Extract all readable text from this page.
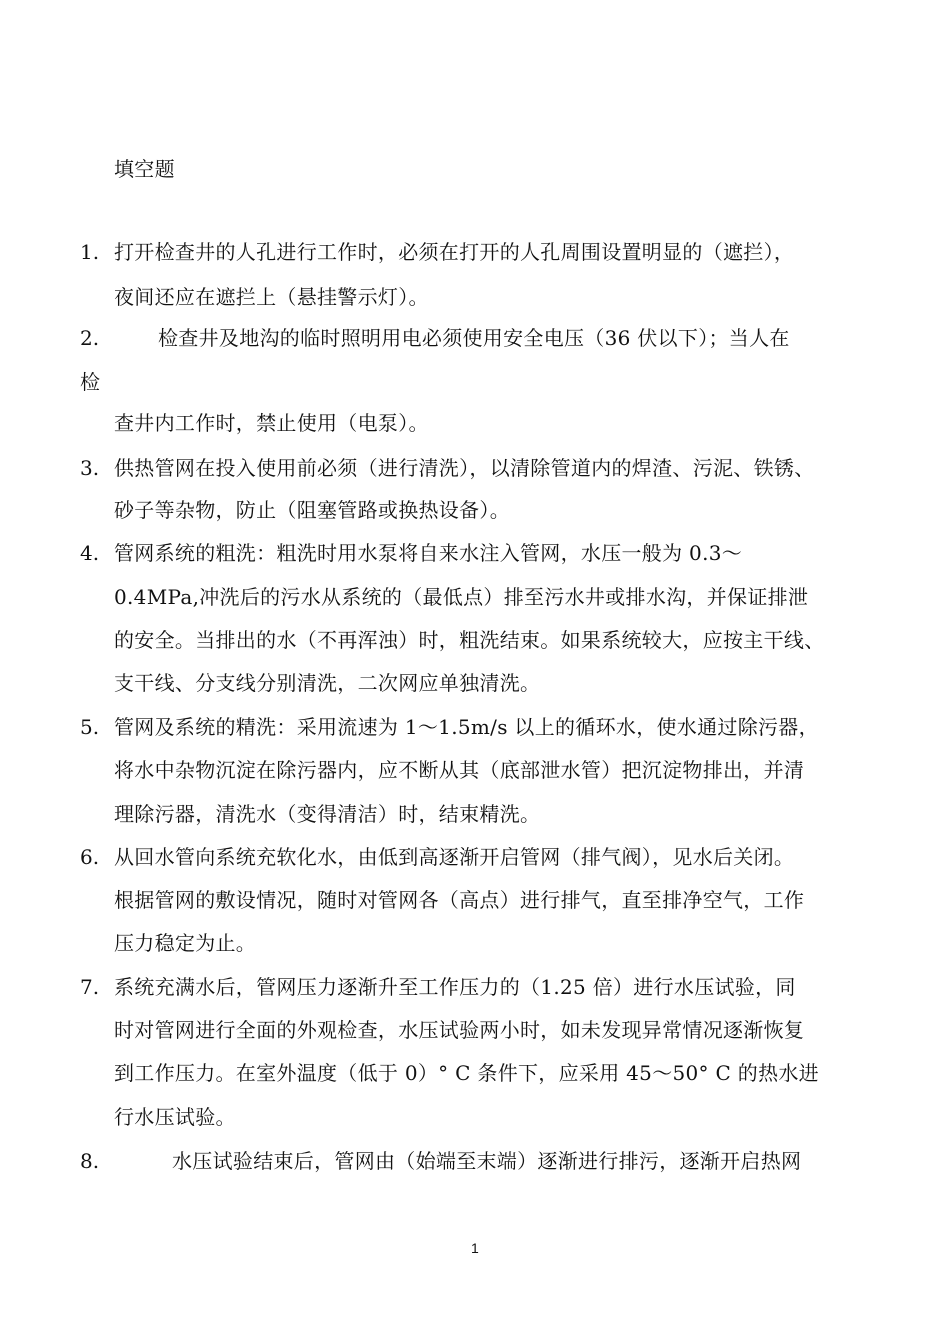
填空题
1. 打开检查井的人孔进行工作时，必须在打开的人孔周围设置明显的（遮拦），
夜间还应在遮拦上（悬挂警示灯）。
2.	检查井及地沟的临时照明用电必须使用安全电压（36 伏以下）；当人在
检
查井内工作时，禁止使用（电泵）。
3. 供热管网在投入使用前必须（进行清洗），以清除管道内的焊渣、污泥、铁锈、
砂子等杂物，防止（阻塞管路或换热设备）。
4. 管网系统的粗洗：粗洗时用水泵将自来水注入管网，水压一般为 0.3～
0.4MPa,冲洗后的污水从系统的（最低点）排至污水井或排水沟，并保证排泄
的安全。当排出的水（不再浑浊）时，粗洗结束。如果系统较大，应按主干线、
支干线、分支线分别清洗，二次网应单独清洗。
5. 管网及系统的精洗：采用流速为 1～1.5m/s 以上的循环水，使水通过除污器，
将水中杂物沉淀在除污器内，应不断从其（底部泄水管）把沉淀物排出，并清
理除污器，清洗水（变得清洁）时，结束精洗。
6. 从回水管向系统充软化水，由低到高逐渐开启管网（排气阀），见水后关闭。
根据管网的敷设情况，随时对管网各（高点）进行排气，直至排净空气，工作
压力稳定为止。
7. 系统充满水后，管网压力逐渐升至工作压力的（1.25 倍）进行水压试验，同
时对管网进行全面的外观检查，水压试验两小时，如未发现异常情况逐渐恢复
到工作压力。在室外温度（低于 0）° C 条件下，应采用 45～50° C 的热水进
行水压试验。
8.	水压试验结束后，管网由（始端至末端）逐渐进行排污，逐渐开启热网
1
